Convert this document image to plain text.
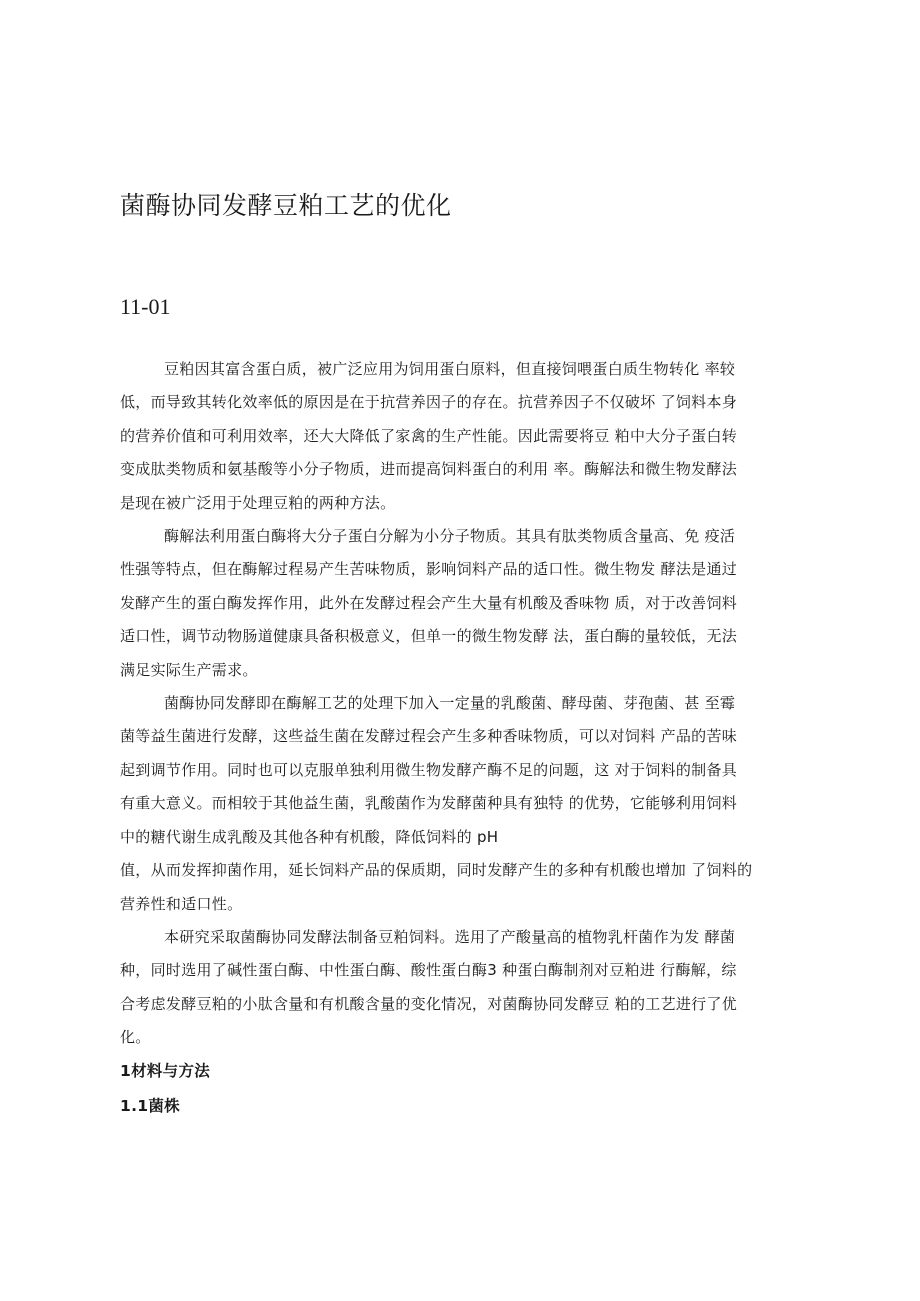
菌酶协同发酵豆粕工艺的优化
11-01

豆粕因其富含蛋白质，被广泛应用为饲用蛋白原料，但直接饲喂蛋白质生物转化 率较
低，而导致其转化效率低的原因是在于抗营养因子的存在。抗营养因子不仅破坏 了饲料本身
的营养价值和可利用效率，还大大降低了家禽的生产性能。因此需要将豆 粕中大分子蛋白转
变成肽类物质和氨基酸等小分子物质，进而提高饲料蛋白的利用 率。酶解法和微生物发酵法
是现在被广泛用于处理豆粕的两种方法。

酶解法利用蛋白酶将大分子蛋白分解为小分子物质。其具有肽类物质含量高、免 疫活
性强等特点，但在酶解过程易产生苦味物质，影响饲料产品的适口性。微生物发 酵法是通过
发酵产生的蛋白酶发挥作用，此外在发酵过程会产生大量有机酸及香味物 质，对于改善饲料
适口性，调节动物肠道健康具备积极意义，但单一的微生物发酵 法，蛋白酶的量较低，无法
满足实际生产需求。

菌酶协同发酵即在酶解工艺的处理下加入一定量的乳酸菌、酵母菌、芽孢菌、甚 至霉
菌等益生菌进行发酵，这些益生菌在发酵过程会产生多种香味物质，可以对饲料 产品的苦味
起到调节作用。同时也可以克服单独利用微生物发酵产酶不足的问题，这 对于饲料的制备具
有重大意义。而相较于其他益生菌，乳酸菌作为发酵菌种具有独特 的优势，它能够利用饲料
中的糖代谢生成乳酸及其他各种有机酸，降低饲料的 pH
值，从而发挥抑菌作用，延长饲料产品的保质期，同时发酵产生的多种有机酸也增加 了饲料的
营养性和适口性。

本研究采取菌酶协同发酵法制备豆粕饲料。选用了产酸量高的植物乳杆菌作为发 酵菌
种，同时选用了碱性蛋白酶、中性蛋白酶、酸性蛋白酶3 种蛋白酶制剂对豆粕进 行酶解，综
合考虑发酵豆粕的小肽含量和有机酸含量的变化情况，对菌酶协同发酵豆 粕的工艺进行了优
化。

1材料与方法

1.1菌株
